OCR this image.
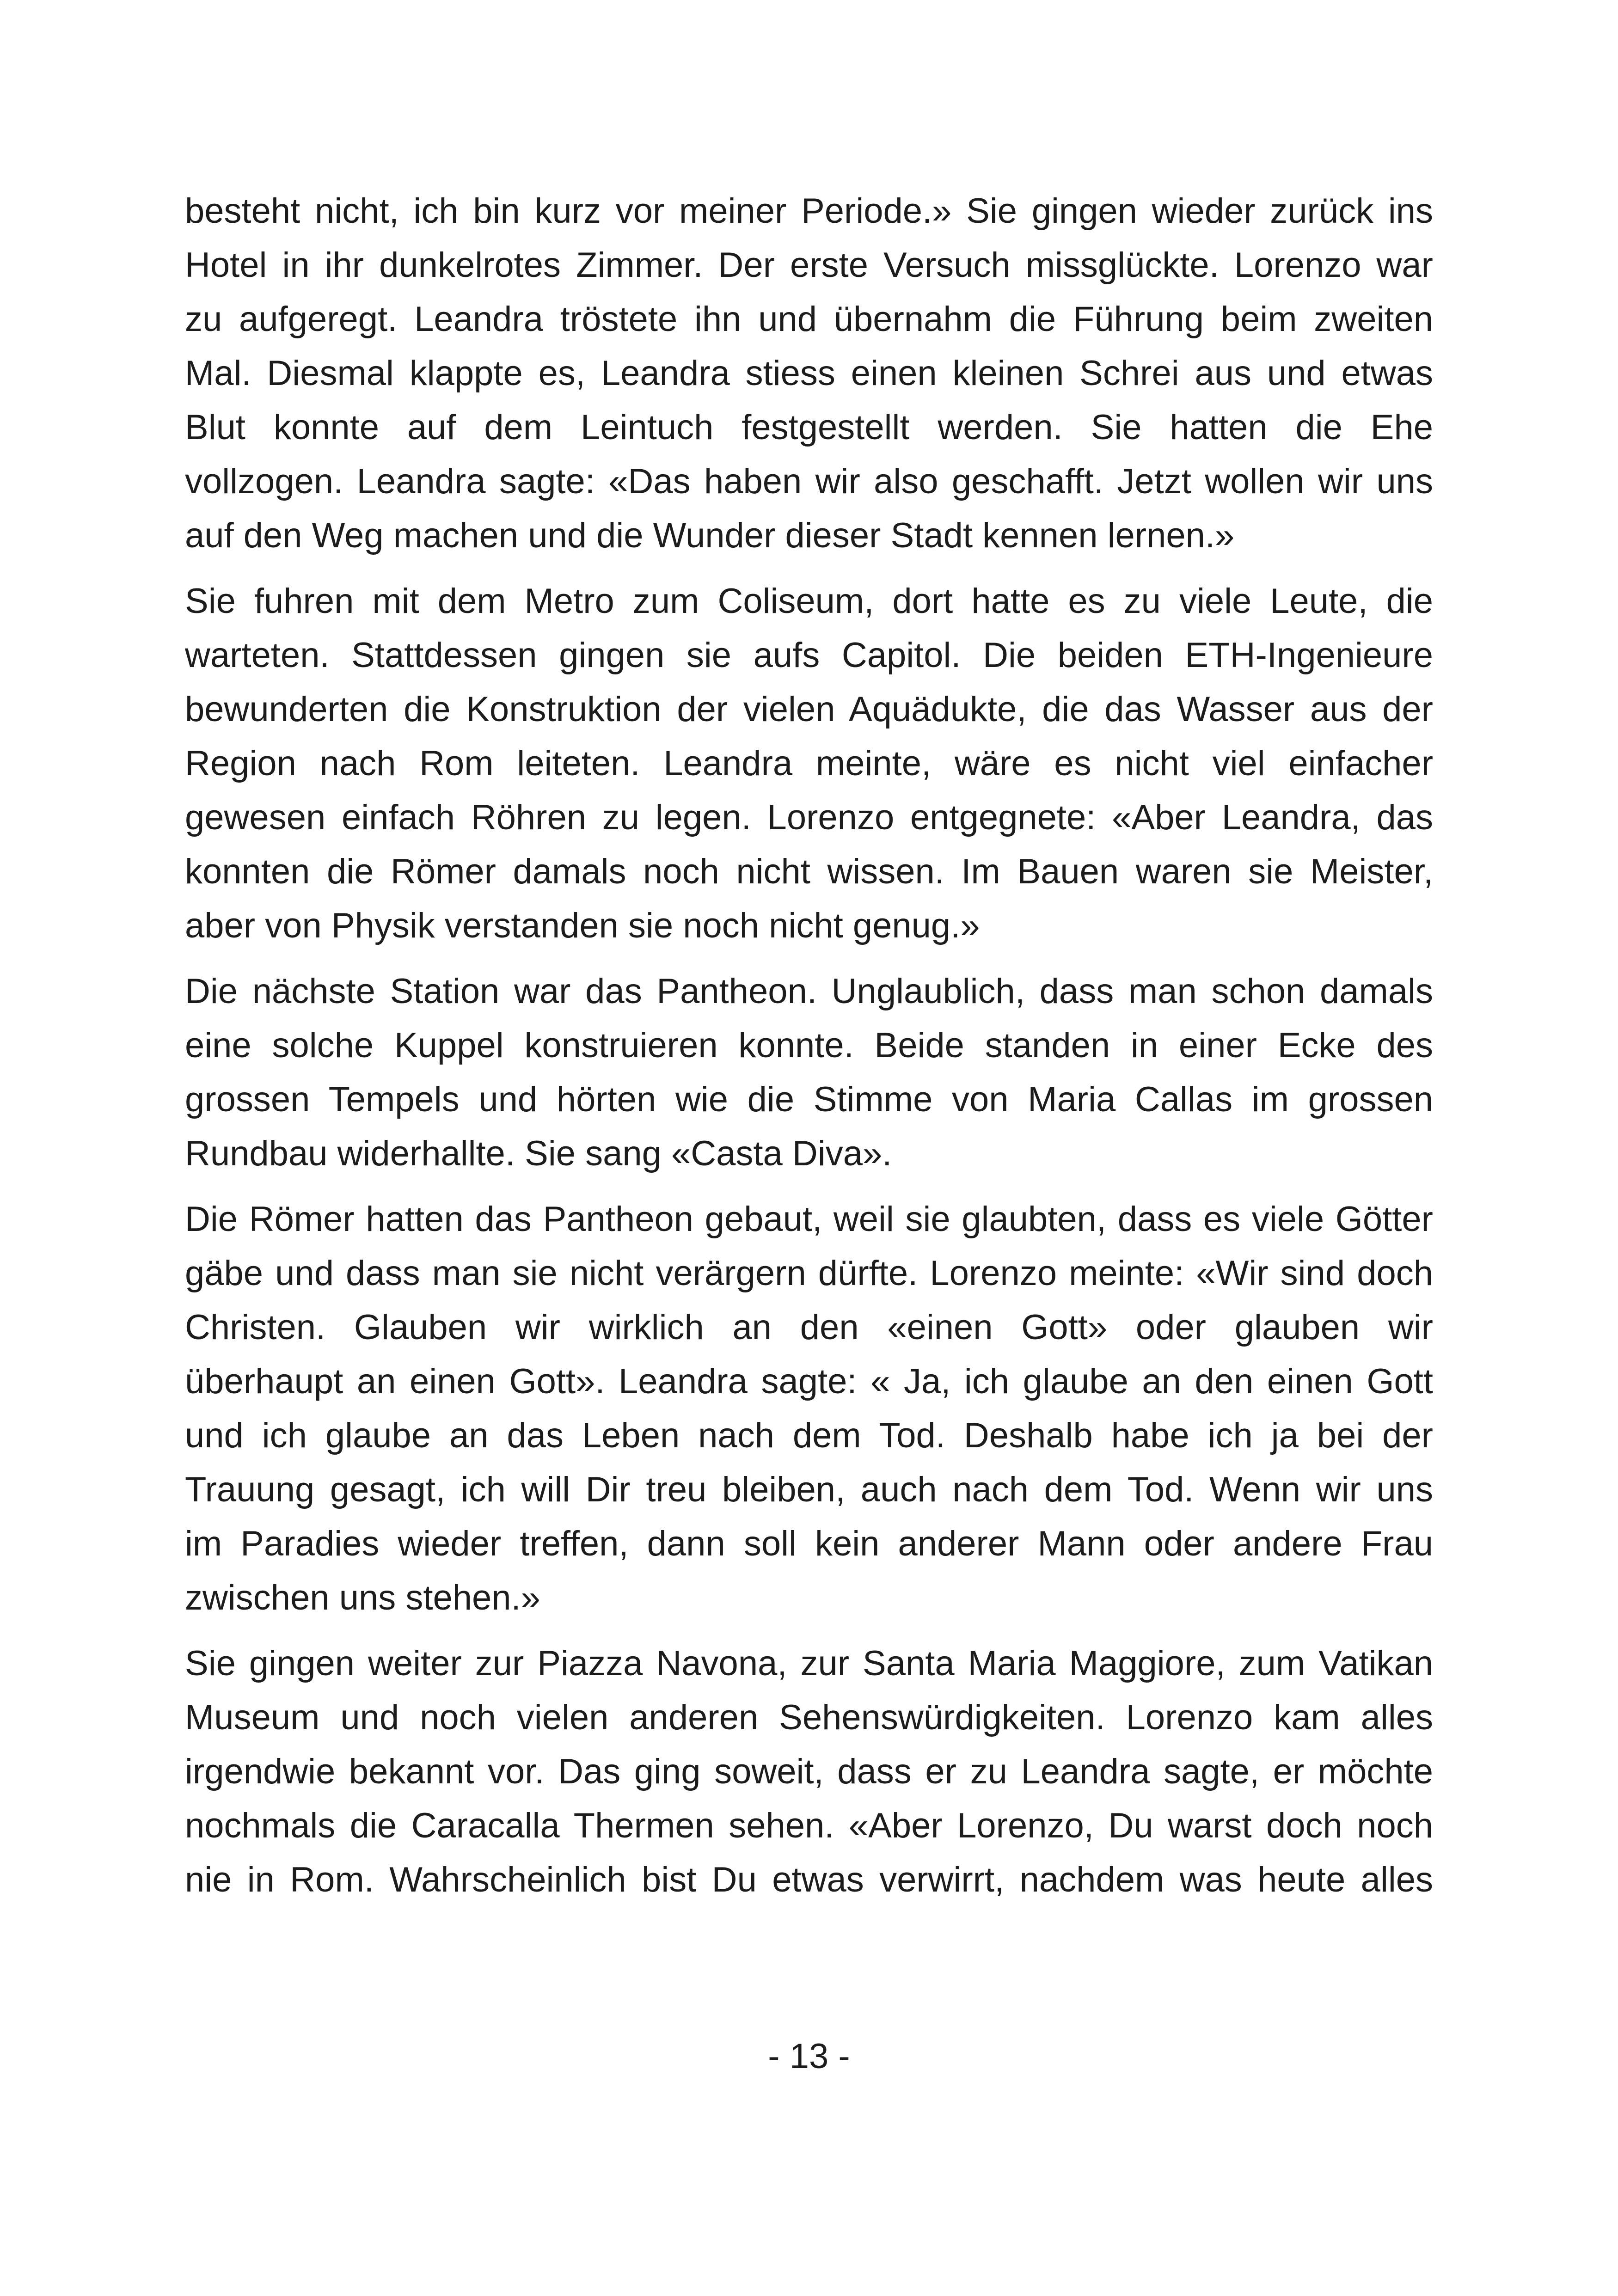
besteht nicht, ich bin kurz vor meiner Periode.» Sie gingen wieder zurück ins
Hotel in ihr dunkelrotes Zimmer. Der erste Versuch missglückte. Lorenzo war
zu aufgeregt. Leandra tröstete ihn und übernahm die Führung beim zweiten
Mal. Diesmal klappte es, Leandra stiess einen kleinen Schrei aus und etwas
Blut konnte auf dem Leintuch festgestellt werden. Sie hatten die Ehe
vollzogen. Leandra sagte: «Das haben wir also geschafft. Jetzt wollen wir uns
auf den Weg machen und die Wunder dieser Stadt kennen lernen.»

Sie fuhren mit dem Metro zum Coliseum, dort hatte es zu viele Leute, die
warteten. Stattdessen gingen sie aufs Capitol. Die beiden ETH-Ingenieure
bewunderten die Konstruktion der vielen Aquädukte, die das Wasser aus der
Region nach Rom leiteten. Leandra meinte, wäre es nicht viel einfacher
gewesen einfach Röhren zu legen. Lorenzo entgegnete: «Aber Leandra, das
konnten die Römer damals noch nicht wissen. Im Bauen waren sie Meister,
aber von Physik verstanden sie noch nicht genug.»

Die nächste Station war das Pantheon. Unglaublich, dass man schon damals
eine solche Kuppel konstruieren konnte. Beide standen in einer Ecke des
grossen Tempels und hörten wie die Stimme von Maria Callas im grossen
Rundbau widerhallte. Sie sang «Casta Diva».

Die Römer hatten das Pantheon gebaut, weil sie glaubten, dass es viele Götter
gäbe und dass man sie nicht verärgern dürfte. Lorenzo meinte: «Wir sind doch
Christen. Glauben wir wirklich an den «einen Gott» oder glauben wir
überhaupt an einen Gott». Leandra sagte: « Ja, ich glaube an den einen Gott
und ich glaube an das Leben nach dem Tod. Deshalb habe ich ja bei der
Trauung gesagt, ich will Dir treu bleiben, auch nach dem Tod. Wenn wir uns
im Paradies wieder treffen, dann soll kein anderer Mann oder andere Frau
zwischen uns stehen.»

Sie gingen weiter zur Piazza Navona, zur Santa Maria Maggiore, zum Vatikan
Museum und noch vielen anderen Sehenswürdigkeiten. Lorenzo kam alles
irgendwie bekannt vor. Das ging soweit, dass er zu Leandra sagte, er möchte
nochmals die Caracalla Thermen sehen. «Aber Lorenzo, Du warst doch noch
nie in Rom. Wahrscheinlich bist Du etwas verwirrt, nachdem was heute alles

- 13 -
